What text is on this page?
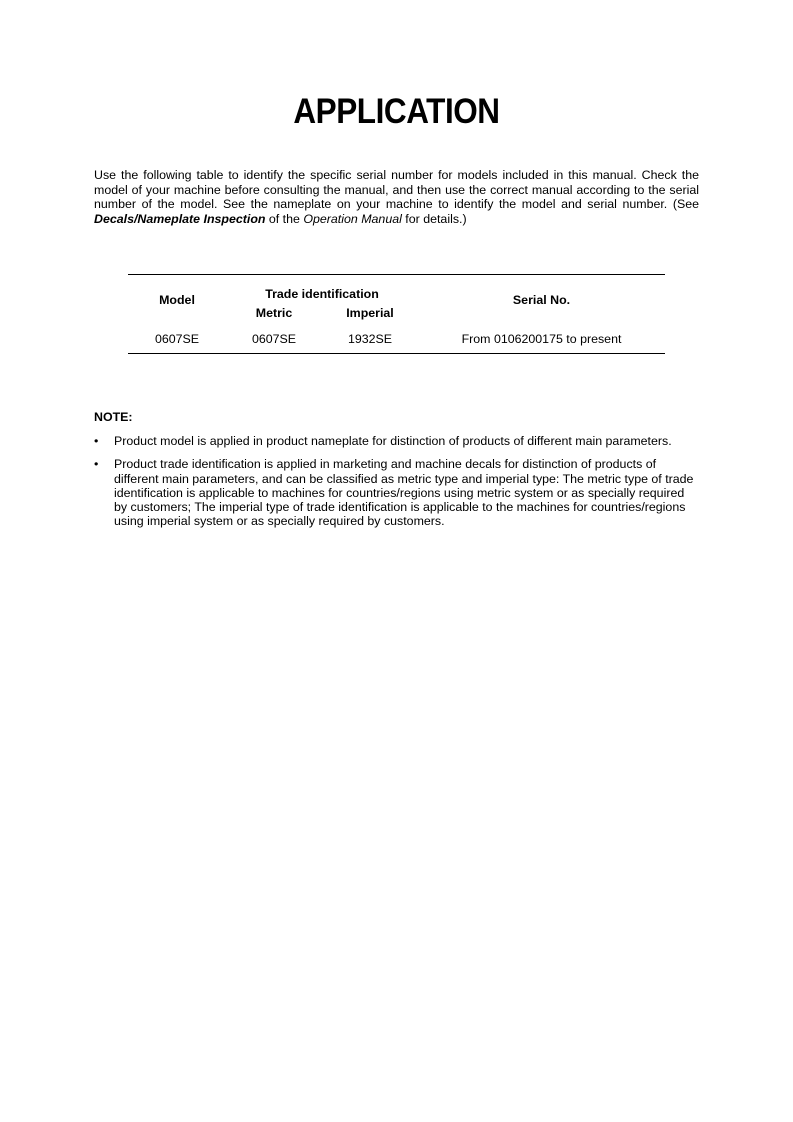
APPLICATION

Use the following table to identify the specific serial number for models included in this manual. Check the model of your machine before consulting the manual, and then use the correct manual according to the serial number of the model. See the nameplate on your machine to identify the model and serial number. (See Decals/Nameplate Inspection of the Operation Manual for details.)

Model	Trade identification		Serial No.
	Metric	Imperial	
0607SE	0607SE	1932SE	From 0106200175 to present
NOTE:
• Product model is applied in product nameplate for distinction of products of different main parameters.
• Product trade identification is applied in marketing and machine decals for distinction of products of different main parameters, and can be classified as metric type and imperial type: The metric type of trade identification is applicable to machines for countries/regions using metric system or as specially required by customers; The imperial type of trade identification is applicable to the machines for countries/regions using imperial system or as specially required by customers.
